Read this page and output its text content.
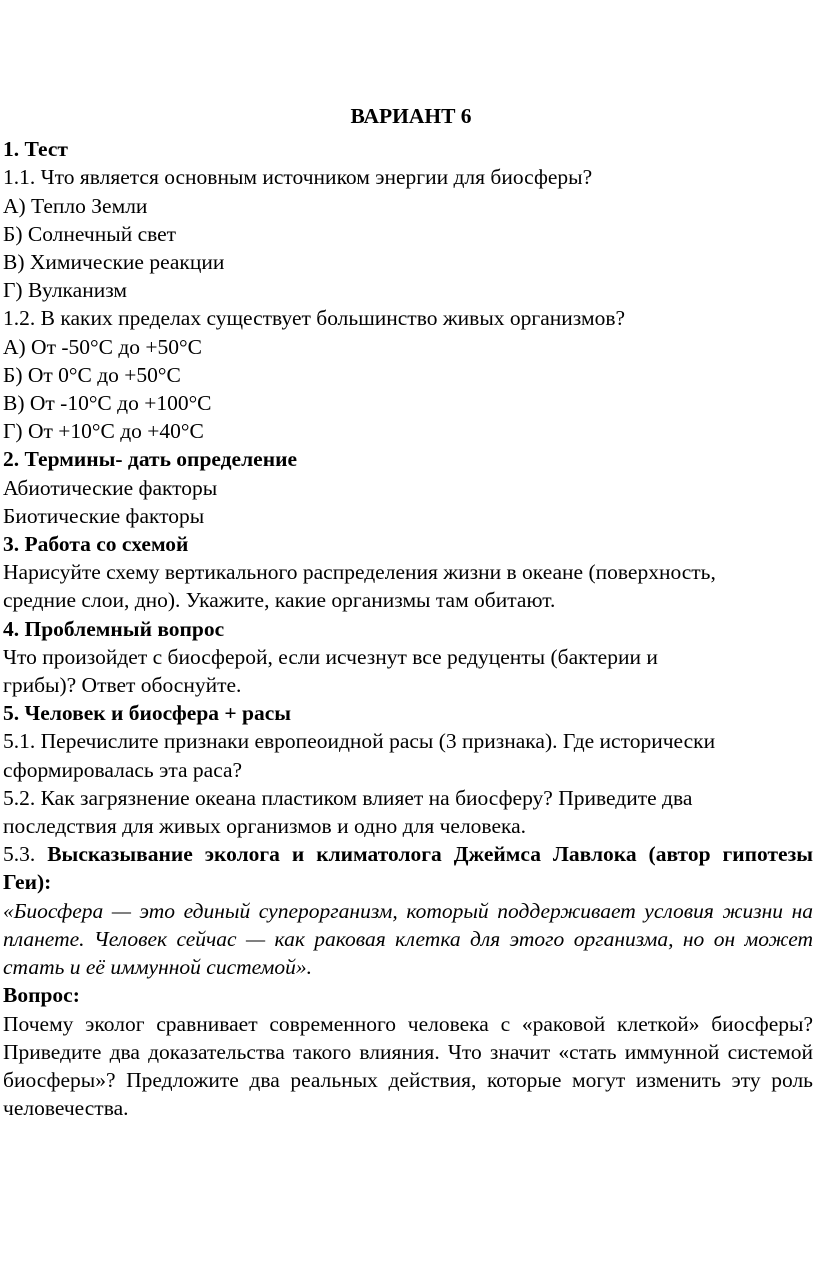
ВАРИАНТ 6

1. Тест

1.1. Что является основным источником энергии для биосферы?

А) Тепло Земли

Б) Солнечный свет

В) Химические реакции

Г) Вулканизм

1.2. В каких пределах существует большинство живых организмов?

А) От -50°С до +50°С

Б) От 0°С до +50°С

В) От -10°С до +100°С

Г) От +10°С до +40°С

2. Термины- дать определение

Абиотические факторы

Биотические факторы

3. Работа со схемой

Нарисуйте схему вертикального распределения жизни в океане (поверхность,

средние слои, дно). Укажите, какие организмы там обитают.

4. Проблемный вопрос

Что произойдет с биосферой, если исчезнут все редуценты (бактерии и

грибы)? Ответ обоснуйте.

5. Человек и биосфера + расы

5.1. Перечислите признаки европеоидной расы (3 признака). Где исторически

сформировалась эта раса?

5.2. Как загрязнение океана пластиком влияет на биосферу? Приведите два

последствия для живых организмов и одно для человека.

5.3. Высказывание эколога и климатолога Джеймса Лавлока (автор гипотезы Геи):

«Биосфера — это единый суперорганизм, который поддерживает условия жизни на планете. Человек сейчас — как раковая клетка для этого организма, но он может стать и её иммунной системой».

Вопрос:

Почему эколог сравнивает современного человека с «раковой клеткой» биосферы? Приведите два доказательства такого влияния. Что значит «стать иммунной системой биосферы»? Предложите два реальных действия, которые могут изменить эту роль человечества.
